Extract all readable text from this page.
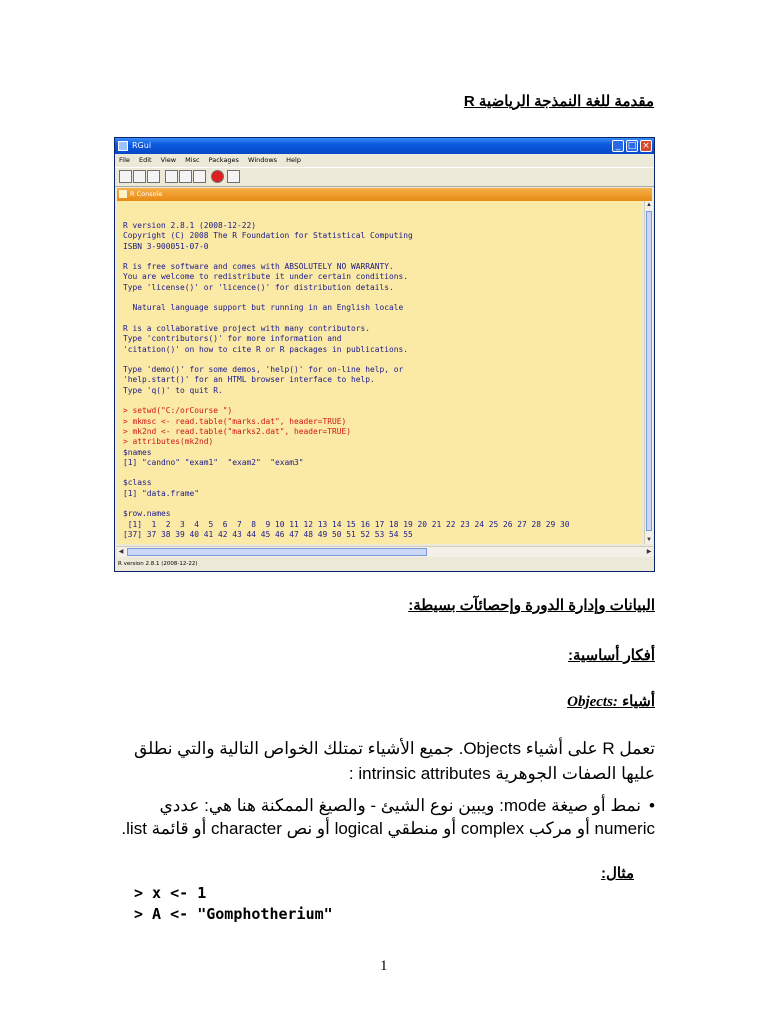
مقدمة للغة النمذجة الرياضية R
RGui	_ □ ×
File Edit View Misc Packages Windows Help
R Console
R version 2.8.1 (2008-12-22)
Copyright (C) 2008 The R Foundation for Statistical Computing
ISBN 3-900051-07-0

R is free software and comes with ABSOLUTELY NO WARRANTY.
You are welcome to redistribute it under certain conditions.
Type 'license()' or 'licence()' for distribution details.

Natural language support but running in an English locale

R is a collaborative project with many contributors.
Type 'contributors()' for more information and
'citation()' on how to cite R or R packages in publications.

Type 'demo()' for some demos, 'help()' for on-line help, or
'help.start()' for an HTML browser interface to help.
Type 'q()' to quit R.

> setwd("C:/orCourse ")
> mkmsc <- read.table("marks.dat", header=TRUE)
> mk2nd <- read.table("marks2.dat", header=TRUE)
> attributes(mk2nd)
$names
[1] "candno" "exam1"  "exam2"  "exam3"

$class
[1] "data.frame"

$row.names
[1]  1  2  3  4  5  6  7  8  9 10 11 12 13 14 15 16 17 18 19 20 21 22 23 24 25 26 27 28 29 30
[37] 37 38 39 40 41 42 43 44 45 46 47 48 49 50 51 52 53 54 55
▲
▼
◀	▶
R version 2.8.1 (2008-12-22)
البيانات وإدارة الدورة وإحصائآت بسيطة:
أفكار أساسية:
أشياء Objects:
تعمل R على أشياء Objects. جميع الأشياء تمتلك الخواص التالية والتي نطلق عليها الصفات الجوهرية intrinsic attributes :
•نمط أو صيغة mode: ويبين نوع الشيئ - والصيغ الممكنة هنا هي: عددي numeric أو مركب complex أو منطقي logical أو نص character أو قائمة list.
مثال:
> x <- 1
> A <- "Gomphotherium"
1
